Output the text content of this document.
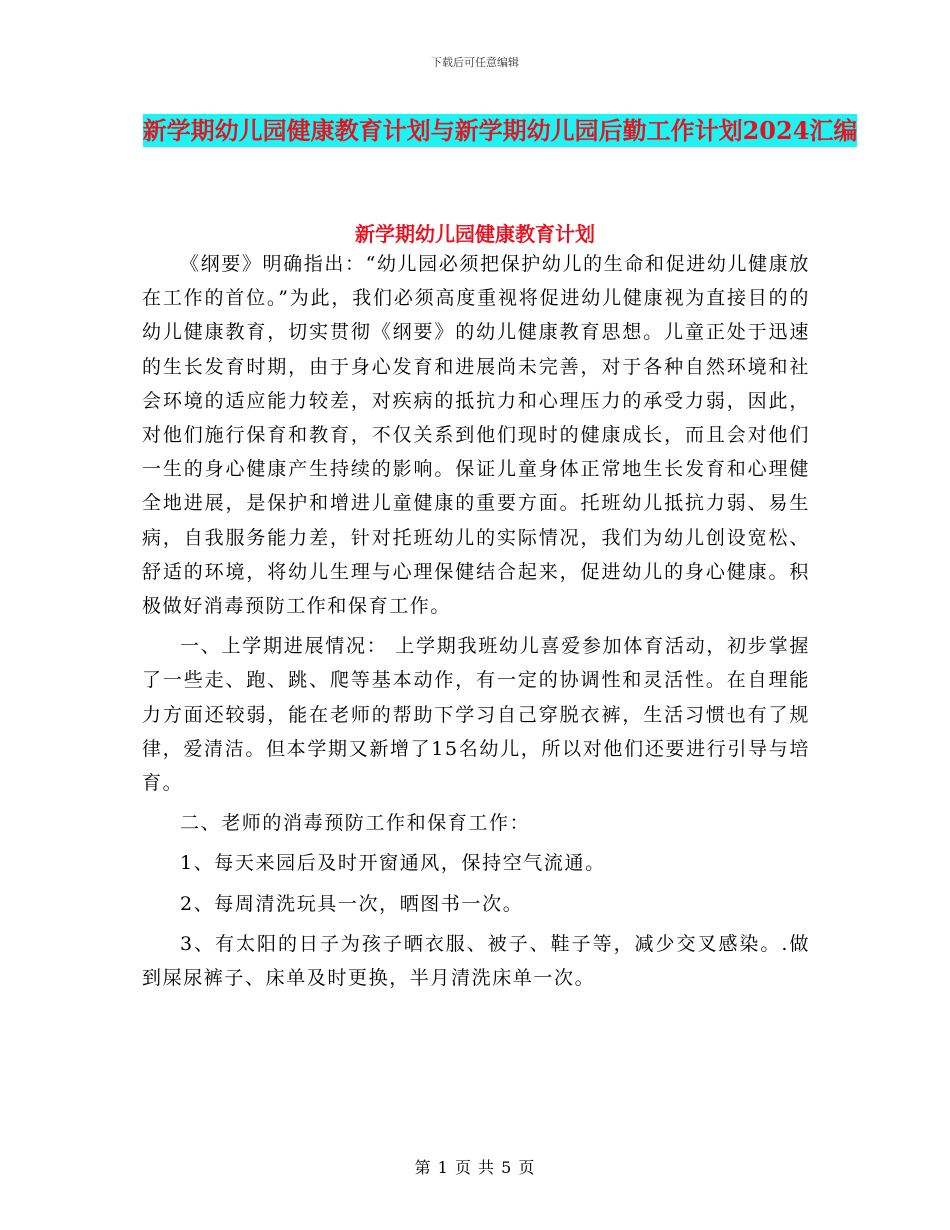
下载后可任意编辑
新学期幼儿园健康教育计划与新学期幼儿园后勤工作计划2024汇编
新学期幼儿园健康教育计划

《纲要》明确指出：“幼儿园必须把保护幼儿的生命和促进幼儿健康放在工作的首位。”为此，我们必须高度重视将促进幼儿健康视为直接目的的幼儿健康教育，切实贯彻《纲要》的幼儿健康教育思想。儿童正处于迅速的生长发育时期，由于身心发育和进展尚未完善，对于各种自然环境和社会环境的适应能力较差，对疾病的抵抗力和心理压力的承受力弱，因此，对他们施行保育和教育，不仅关系到他们现时的健康成长，而且会对他们一生的身心健康产生持续的影响。保证儿童身体正常地生长发育和心理健全地进展，是保护和增进儿童健康的重要方面。托班幼儿抵抗力弱、易生病，自我服务能力差，针对托班幼儿的实际情况，我们为幼儿创设宽松、舒适的环境，将幼儿生理与心理保健结合起来，促进幼儿的身心健康。积极做好消毒预防工作和保育工作。

一、上学期进展情况： 上学期我班幼儿喜爱参加体育活动，初步掌握了一些走、跑、跳、爬等基本动作，有一定的协调性和灵活性。在自理能力方面还较弱，能在老师的帮助下学习自己穿脱衣裤，生活习惯也有了规律，爱清洁。但本学期又新增了15名幼儿，所以对他们还要进行引导与培育。

二、老师的消毒预防工作和保育工作：

1、每天来园后及时开窗通风，保持空气流通。

2、每周清洗玩具一次，晒图书一次。

3、有太阳的日子为孩子晒衣服、被子、鞋子等，减少交叉感染。.做到屎尿裤子、床单及时更换，半月清洗床单一次。

第 1 页 共 5 页
